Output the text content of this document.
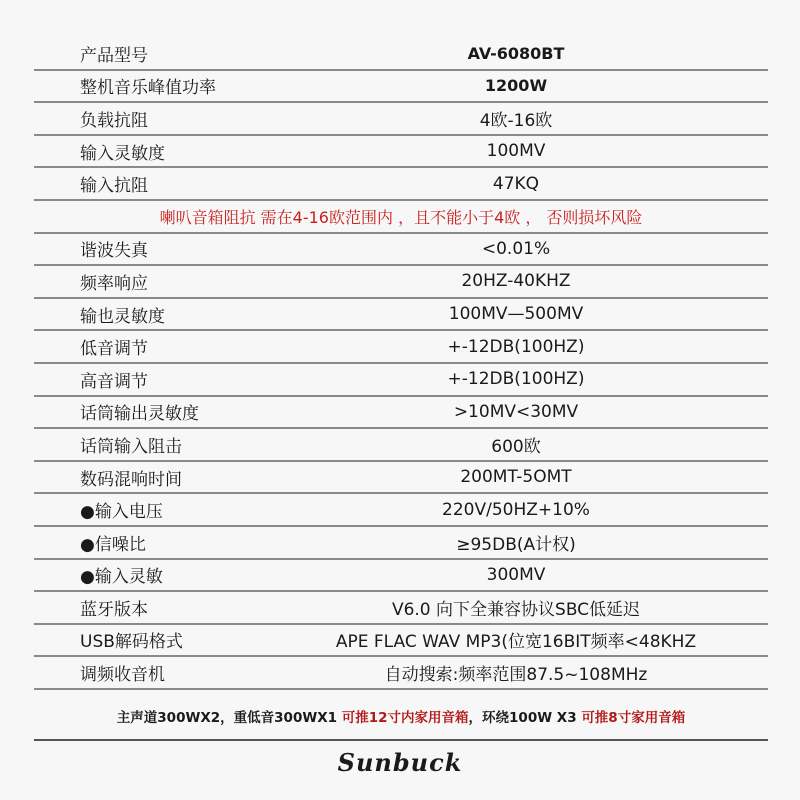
产品型号	AV-6080BT
整机音乐峰值功率	1200W
负载抗阻	4欧-16欧
输入灵敏度	100MV
输入抗阻	47KQ
喇叭音箱阻抗 需在4-16欧范围内 ，且不能小于4欧 ， 否则损坏风险
谐波失真	<0.01%
频率响应	20HZ-40KHZ
输也灵敏度	100MV—500MV
低音调节	+-12DB(100HZ)
高音调节	+-12DB(100HZ)
话筒输出灵敏度	>10MV<30MV
话筒输入阻击	600欧
数码混响时间	200MT-5OMT
●输入电压	220V/50HZ+10%
●信噪比	≥95DB(A计权)
●输入灵敏	300MV
蓝牙版本	V6.0 向下全兼容协议SBC低延迟
USB解码格式	APE FLAC WAV MP3(位宽16BIT频率<48KHZ
调频收音机	自动搜索:频率范围87.5~108MHz
主声道300WX2，重低音300WX1 可推12寸内家用音箱，环绕100W X3 可推8寸家用音箱
Sunbuck
